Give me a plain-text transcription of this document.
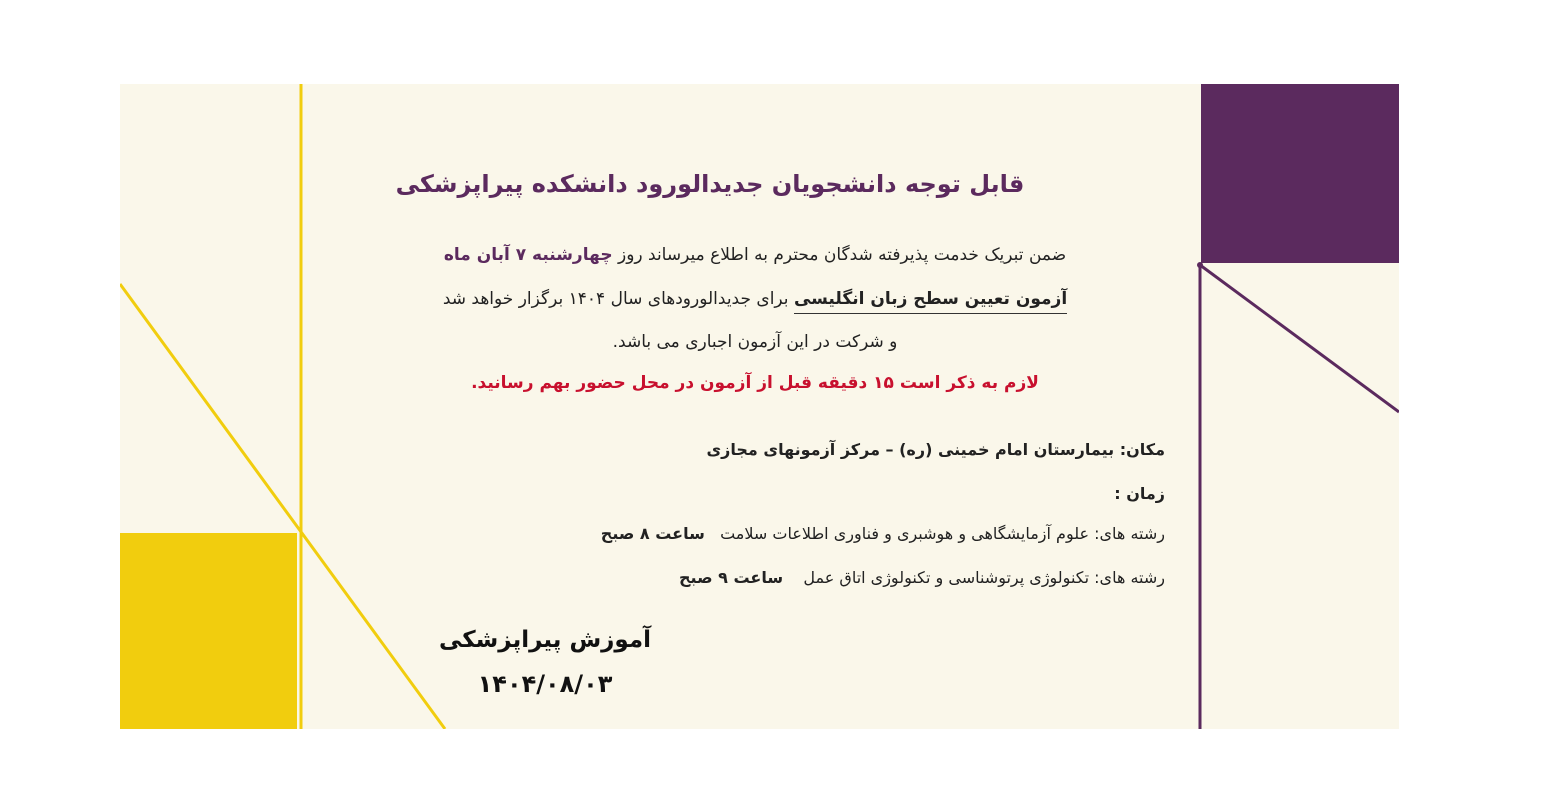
قابل توجه دانشجویان جدیدالورود دانشکده پیراپزشکی
ضمن تبریک خدمت پذیرفته شدگان محترم به اطلاع میرساند روز چهارشنبه ۷ آبان ماه
آزمون تعیین سطح زبان انگلیسی برای جدیدالورودهای سال ۱۴۰۴ برگزار خواهد شد
و شرکت در این آزمون اجباری می باشد.
لازم به ذکر است ۱۵ دقیقه قبل از آزمون در محل حضور بهم رسانید.
مکان: بیمارستان امام خمینی (ره) – مرکز آزمونهای مجازی
زمان :
رشته های: علوم آزمایشگاهی و هوشبری و فناوری اطلاعات سلامت   ساعت ۸ صبح
رشته های: تکنولوژی پرتوشناسی و تکنولوژی اتاق عمل    ساعت ۹ صبح
آموزش پیراپزشکی
۱۴۰۴/۰۸/۰۳
